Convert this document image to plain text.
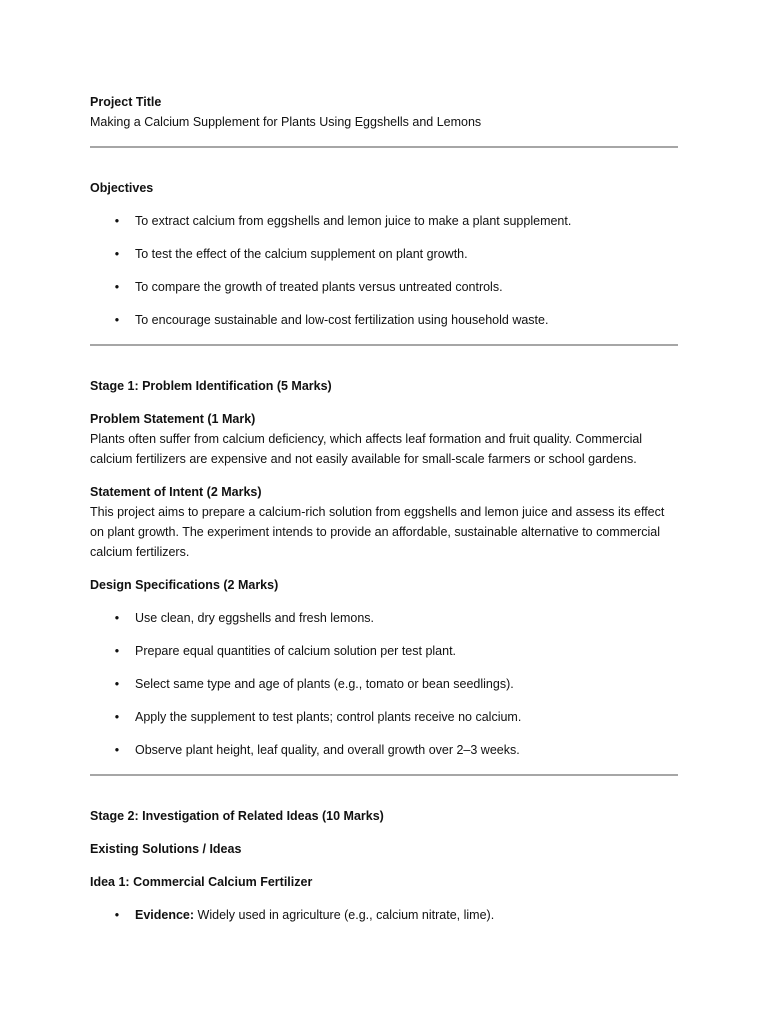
Project Title
Making a Calcium Supplement for Plants Using Eggshells and Lemons
Objectives
• To extract calcium from eggshells and lemon juice to make a plant supplement.
• To test the effect of the calcium supplement on plant growth.
• To compare the growth of treated plants versus untreated controls.
• To encourage sustainable and low-cost fertilization using household waste.
Stage 1: Problem Identification (5 Marks)
Problem Statement (1 Mark)
Plants often suffer from calcium deficiency, which affects leaf formation and fruit quality. Commercial calcium fertilizers are expensive and not easily available for small-scale farmers or school gardens.
Statement of Intent (2 Marks)
This project aims to prepare a calcium-rich solution from eggshells and lemon juice and assess its effect on plant growth. The experiment intends to provide an affordable, sustainable alternative to commercial calcium fertilizers.
Design Specifications (2 Marks)
• Use clean, dry eggshells and fresh lemons.
• Prepare equal quantities of calcium solution per test plant.
• Select same type and age of plants (e.g., tomato or bean seedlings).
• Apply the supplement to test plants; control plants receive no calcium.
• Observe plant height, leaf quality, and overall growth over 2–3 weeks.
Stage 2: Investigation of Related Ideas (10 Marks)
Existing Solutions / Ideas
Idea 1: Commercial Calcium Fertilizer
• Evidence: Widely used in agriculture (e.g., calcium nitrate, lime).
